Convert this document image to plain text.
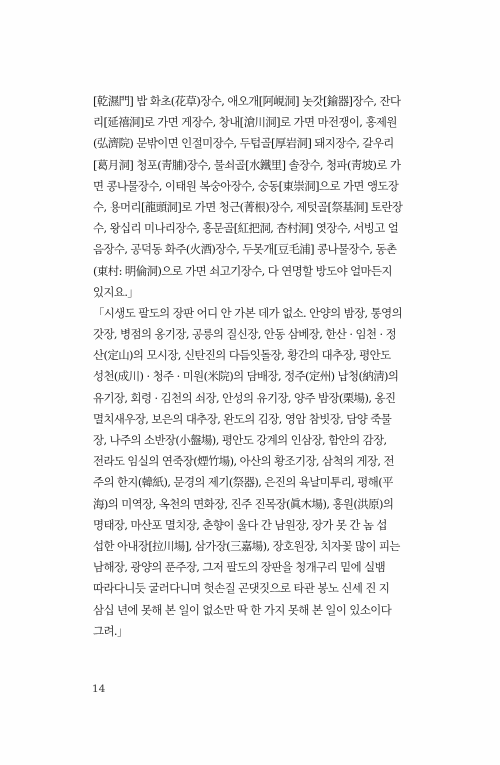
[乾濕門] 밥 화초(花草)장수, 애오개[阿峴洞] 놋갓[鍮器]장수, 잔다
리[延禧洞]로 가면 게장수, 창내[滄川洞]로 가면 마전쟁이, 홍제원
(弘濟院) 문밖이면 인절미장수, 두텁골[厚岩洞] 돼지장수, 갈우리
[葛月洞] 청포(靑脯)장수, 물쇠골[水鐵里] 솔장수, 청파(靑坡)로 가
면 콩나물장수, 이태원 복숭아장수, 숭동[東崇洞]으로 가면 앵도장
수, 용머리[龍頭洞]로 가면 청근(菁根)장수, 제텃골[祭基洞] 토란장
수, 왕십리 미나리장수, 홍문골[紅把洞, 杏村洞] 엿장수, 서빙고 얼
음장수, 공덕동 화주(火酒)장수, 두못개[豆毛浦] 콩나물장수, 동촌
(東村: 明倫洞)으로 가면 쇠고기장수, 다 연명할 방도야 얼마든지
있지요.」

「시생도 팔도의 장판 어디 안 가본 데가 없소. 안양의 밤장, 통영의
갓장, 병점의 옹기장, 공릉의 질신장, 안동 삼베장, 한산 · 임천 · 정
산(定山)의 모시장, 신탄진의 다듬잇돌장, 황간의 대추장, 평안도
성천(成川) · 청주 · 미원(米院)의 담배장, 정주(定州) 납청(納淸)의
유기장, 회령 · 김천의 쇠장, 안성의 유기장, 양주 밤장(栗場), 옹진
멸치새우장, 보은의 대추장, 완도의 김장, 영암 참빗장, 담양 죽물
장, 나주의 소반장(小盤場), 평안도 강계의 인삼장, 함안의 감장,
전라도 임실의 연죽장(煙竹場), 아산의 황조기장, 삼척의 게장, 전
주의 한지(韓紙), 문경의 제기(祭器), 은진의 육날미투리, 평해(平
海)의 미역장, 옥천의 면화장, 진주 진목장(眞木場), 홍원(洪原)의
명태장, 마산포 멸치장, 춘향이 울다 간 남원장, 장가 못 간 놈 섭
섭한 아내장[拉川場], 삼가장(三嘉場), 장호원장, 치자꽃 많이 피는
남해장, 광양의 푼주장, 그저 팔도의 장판을 청개구리 밑에 실뱀
따라다니듯 굴러다니며 헛손질 곤댓짓으로 타관 봉노 신세 진 지
삼십 년에 못해 본 일이 없소만 딱 한 가지 못해 본 일이 있소이다
그려.」

14
